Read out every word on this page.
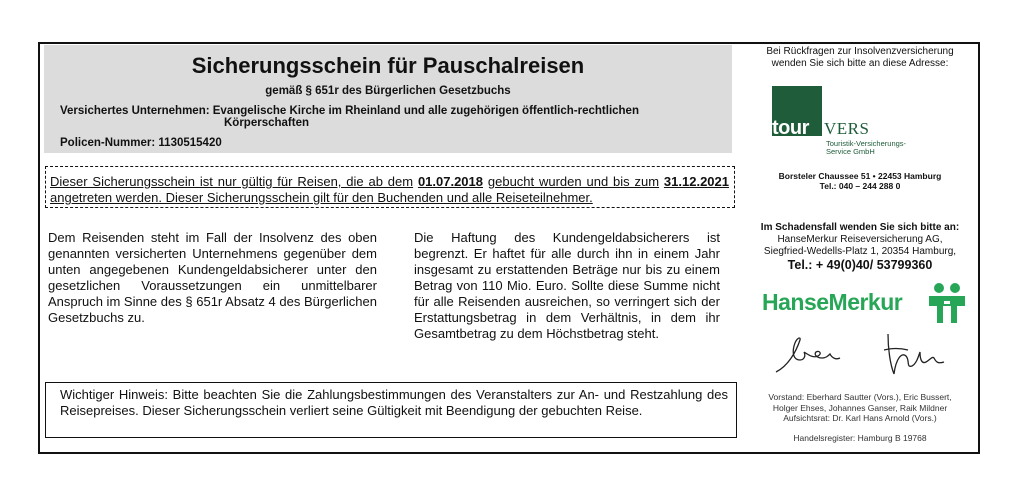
Sicherungsschein für Pauschalreisen
gemäß § 651r des Bürgerlichen Gesetzbuchs
Versichertes Unternehmen: Evangelische Kirche im Rheinland und alle zugehörigen öffentlich-rechtlichen
Körperschaften
Policen-Nummer: 1130515420
Dieser Sicherungsschein ist nur gültig für Reisen, die ab dem 01.07.2018 gebucht wurden und bis zum 31.12.2021 angetreten werden. Dieser Sicherungsschein gilt für den Buchenden und alle Reiseteilnehmer.
Dem Reisenden steht im Fall der Insolvenz des oben genannten versicherten Unternehmens gegenüber dem unten angegebenen Kundengeldabsicherer unter den gesetzlichen Voraussetzungen ein unmittelbarer Anspruch im Sinne des § 651r Absatz 4 des Bürgerlichen Gesetzbuchs zu.
Die Haftung des Kundengeldabsicherers ist begrenzt. Er haftet für alle durch ihn in einem Jahr insgesamt zu erstattenden Beträge nur bis zu einem Betrag von 110 Mio. Euro. Sollte diese Summe nicht für alle Reisenden ausreichen, so verringert sich der Erstattungsbetrag in dem Verhältnis, in dem ihr Gesamtbetrag zu dem Höchstbetrag steht.
Wichtiger Hinweis: Bitte beachten Sie die Zahlungsbestimmungen des Veranstalters zur An- und Restzahlung des Reisepreises. Dieser Sicherungsschein verliert seine Gültigkeit mit Beendigung der gebuchten Reise.
Bei Rückfragen zur Insolvenzversicherung
wenden Sie sich bitte an diese Adresse:
tour VERS
Touristik-Versicherungs-
Service GmbH
Borsteler Chaussee 51 • 22453 Hamburg
Tel.: 040 – 244 288 0
Im Schadensfall wenden Sie sich bitte an:
HanseMerkur Reiseversicherung AG,
Siegfried-Wedells-Platz 1, 20354 Hamburg,
Tel.: + 49(0)40/ 53799360
HanseMerkur
Vorstand: Eberhard Sautter (Vors.), Eric Bussert,
Holger Ehses, Johannes Ganser, Raik Mildner
Aufsichtsrat: Dr. Karl Hans Arnold (Vors.)
Handelsregister: Hamburg B 19768
